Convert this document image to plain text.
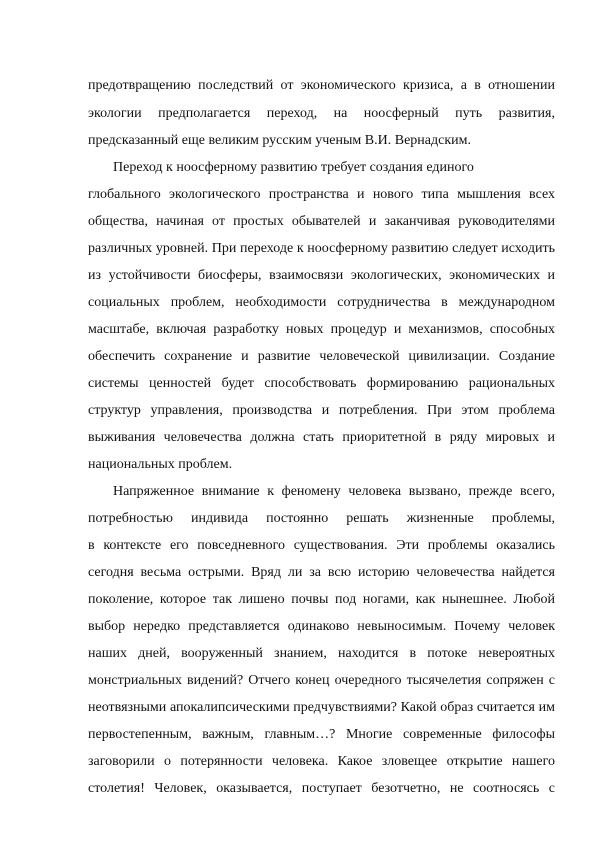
предотвращению последствий от экономического кризиса, а в отношении
экологии предполагается переход, на ноосферный путь развития,
предсказанный еще великим русским ученым В.И. Вернадским.
Переход к ноосферному развитию требует создания единого
глобального экологического пространства и нового типа мышления всех
общества, начиная от простых обывателей и заканчивая руководителями
различных уровней. При переходе к ноосферному развитию следует исходить
из устойчивости биосферы, взаимосвязи экологических, экономических и
социальных проблем, необходимости сотрудничества в международном
масштабе, включая разработку новых процедур и механизмов, способных
обеспечить сохранение и развитие человеческой цивилизации. Создание
системы ценностей будет способствовать формированию рациональных
структур управления, производства и потребления. При этом проблема
выживания человечества должна стать приоритетной в ряду мировых и
национальных проблем.
Напряженное внимание к феномену человека вызвано, прежде всего,
потребностью индивида постоянно решать жизненные проблемы,
в контексте его повседневного существования. Эти проблемы оказались
сегодня весьма острыми. Вряд ли за всю историю человечества найдется
поколение, которое так лишено почвы под ногами, как нынешнее. Любой
выбор нередко представляется одинаково невыносимым. Почему человек
наших дней, вооруженный знанием, находится в потоке невероятных
монстриальных видений? Отчего конец очередного тысячелетия сопряжен с
неотвязными апокалипсическими предчувствиями? Какой образ считается им
первостепенным, важным, главным…? Многие современные философы
заговорили о потерянности человека. Какое зловещее открытие нашего
столетия! Человек, оказывается, поступает безотчетно, не соотносясь с
